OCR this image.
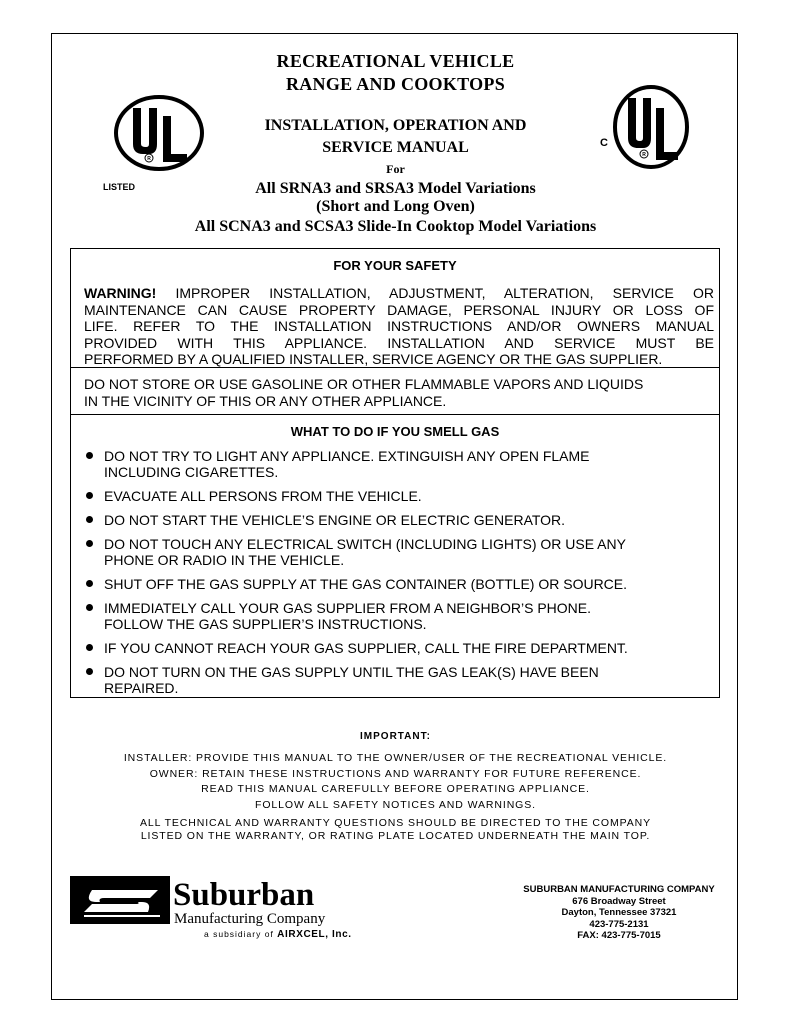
RECREATIONAL VEHICLE
RANGE AND COOKTOPS
INSTALLATION, OPERATION AND
SERVICE MANUAL
For
All SRNA3 and SRSA3 Model Variations
(Short and Long Oven)
All SCNA3 and SCSA3 Slide-In Cooktop Model Variations
R
LISTED
C
R
FOR YOUR SAFETY
WARNING! IMPROPER INSTALLATION, ADJUSTMENT, ALTERATION, SERVICE OR
MAINTENANCE CAN CAUSE PROPERTY DAMAGE, PERSONAL INJURY OR LOSS OF
LIFE. REFER TO THE INSTALLATION INSTRUCTIONS AND/OR OWNERS MANUAL
PROVIDED WITH THIS APPLIANCE. INSTALLATION AND SERVICE MUST BE
PERFORMED BY A QUALIFIED INSTALLER, SERVICE AGENCY OR THE GAS SUPPLIER.
DO NOT STORE OR USE GASOLINE OR OTHER FLAMMABLE VAPORS AND LIQUIDS
IN THE VICINITY OF THIS OR ANY OTHER APPLIANCE.
WHAT TO DO IF YOU SMELL GAS
DO NOT TRY TO LIGHT ANY APPLIANCE. EXTINGUISH ANY OPEN FLAME
INCLUDING CIGARETTES.
EVACUATE ALL PERSONS FROM THE VEHICLE.
DO NOT START THE VEHICLE’S ENGINE OR ELECTRIC GENERATOR.
DO NOT TOUCH ANY ELECTRICAL SWITCH (INCLUDING LIGHTS) OR USE ANY
PHONE OR RADIO IN THE VEHICLE.
SHUT OFF THE GAS SUPPLY AT THE GAS CONTAINER (BOTTLE) OR SOURCE.
IMMEDIATELY CALL YOUR GAS SUPPLIER FROM A NEIGHBOR’S PHONE.
FOLLOW THE GAS SUPPLIER’S INSTRUCTIONS.
IF YOU CANNOT REACH YOUR GAS SUPPLIER, CALL THE FIRE DEPARTMENT.
DO NOT TURN ON THE GAS SUPPLY UNTIL THE GAS LEAK(S) HAVE BEEN
REPAIRED.
IMPORTANT:
INSTALLER: PROVIDE THIS MANUAL TO THE OWNER/USER OF THE RECREATIONAL VEHICLE.
OWNER: RETAIN THESE INSTRUCTIONS AND WARRANTY FOR FUTURE REFERENCE.
READ THIS MANUAL CAREFULLY BEFORE OPERATING APPLIANCE.
FOLLOW ALL SAFETY NOTICES AND WARNINGS.
ALL TECHNICAL AND WARRANTY QUESTIONS SHOULD BE DIRECTED TO THE COMPANY
LISTED ON THE WARRANTY, OR RATING PLATE LOCATED UNDERNEATH THE MAIN TOP.
Suburban
Manufacturing Company
a subsidiary of AIRXCEL, Inc.
SUBURBAN MANUFACTURING COMPANY
676 Broadway Street
Dayton, Tennessee 37321
423-775-2131
FAX: 423-775-7015
